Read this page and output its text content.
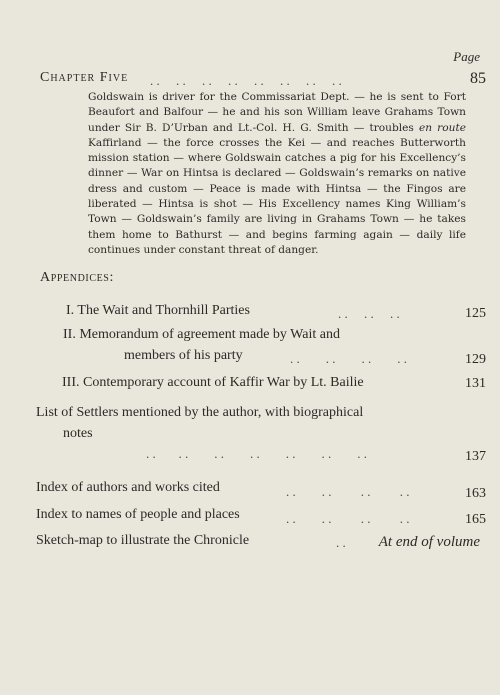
Page
Chapter Five . .     . .     . .     . .     . .     . .     . .     . .	85
Goldswain is driver for the Commissariat Dept. — he is sent to Fort Beaufort and Balfour — he and his son William leave Grahams Town under Sir B. D’Urban and Lt.-Col. H. G. Smith — troubles en route Kaffirland — the force crosses the Kei — and reaches Butterworth mission station — where Goldswain catches a pig for his Excellency’s dinner — War on Hintsa is declared — Goldswain’s remarks on native dress and custom — Peace is made with Hintsa — the Fingos are liberated — Hintsa is shot — His Excellency names King William’s Town — Goldswain’s family are living in Grahams Town — he takes them home to Bathurst — and begins farming again — daily life continues under constant threat of danger.
Appendices:
I. The Wait and Thornhill Parties	. .     . .     . .	125
II. Memorandum of agreement made by Wait and
members of his party	. .        . .        . .        . .	129
III. Contemporary account of Kaffir War by Lt. Bailie	131
List of Settlers mentioned by the author, with biographical
notes
. .       . .        . .        . .        . .        . .        . .	137
Index of authors and works cited	. .        . .         . .         . .	163
Index to names of people and places	. .        . .         . .         . .	165
Sketch-map to illustrate the Chronicle	. . At end of volume
